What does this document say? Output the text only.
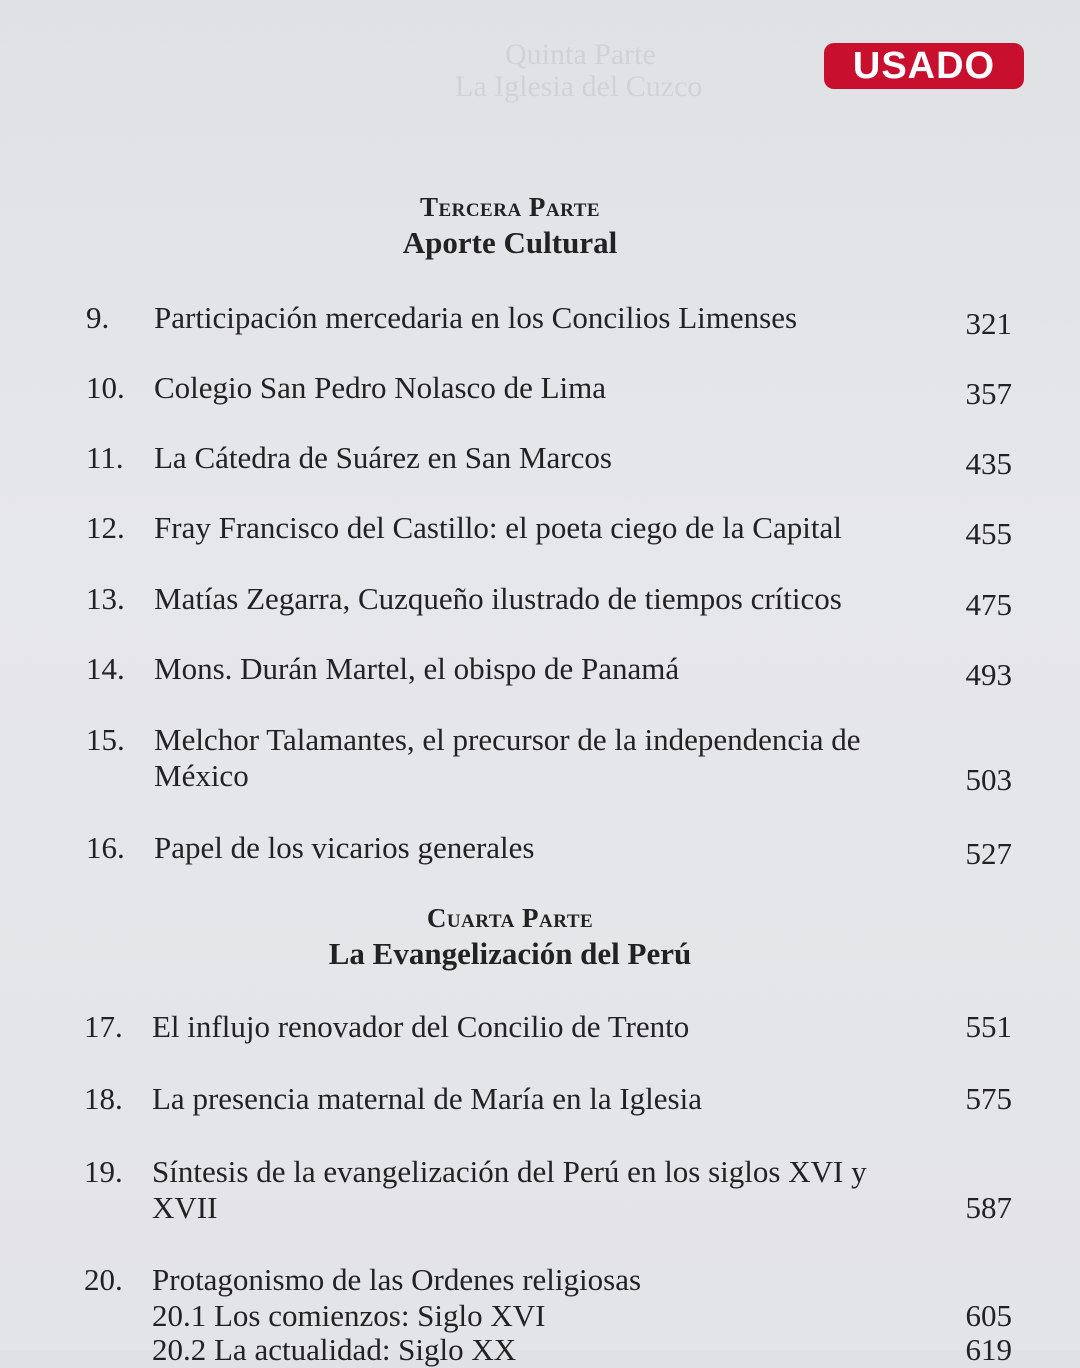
Quinta Parte
La Iglesia del Cuzco	USADO
Tercera Parte
Aporte Cultural
9. Participación mercedaria en los Concilios Limenses	321
10. Colegio San Pedro Nolasco de Lima	357
11. La Cátedra de Suárez en San Marcos	435
12. Fray Francisco del Castillo: el poeta ciego de la Capital	455
13. Matías Zegarra, Cuzqueño ilustrado de tiempos críticos	475
14. Mons. Durán Martel, el obispo de Panamá	493
15. Melchor Talamantes, el precursor de la independencia de México	503
16. Papel de los vicarios generales	527
Cuarta Parte
La Evangelización del Perú
17. El influjo renovador del Concilio de Trento	551
18. La presencia maternal de María en la Iglesia	575
19. Síntesis de la evangelización del Perú en los siglos XVI y XVII	587
20. Protagonismo de las Ordenes religiosas
20.1 Los comienzos: Siglo XVI	605
20.2 La actualidad: Siglo XX	619
